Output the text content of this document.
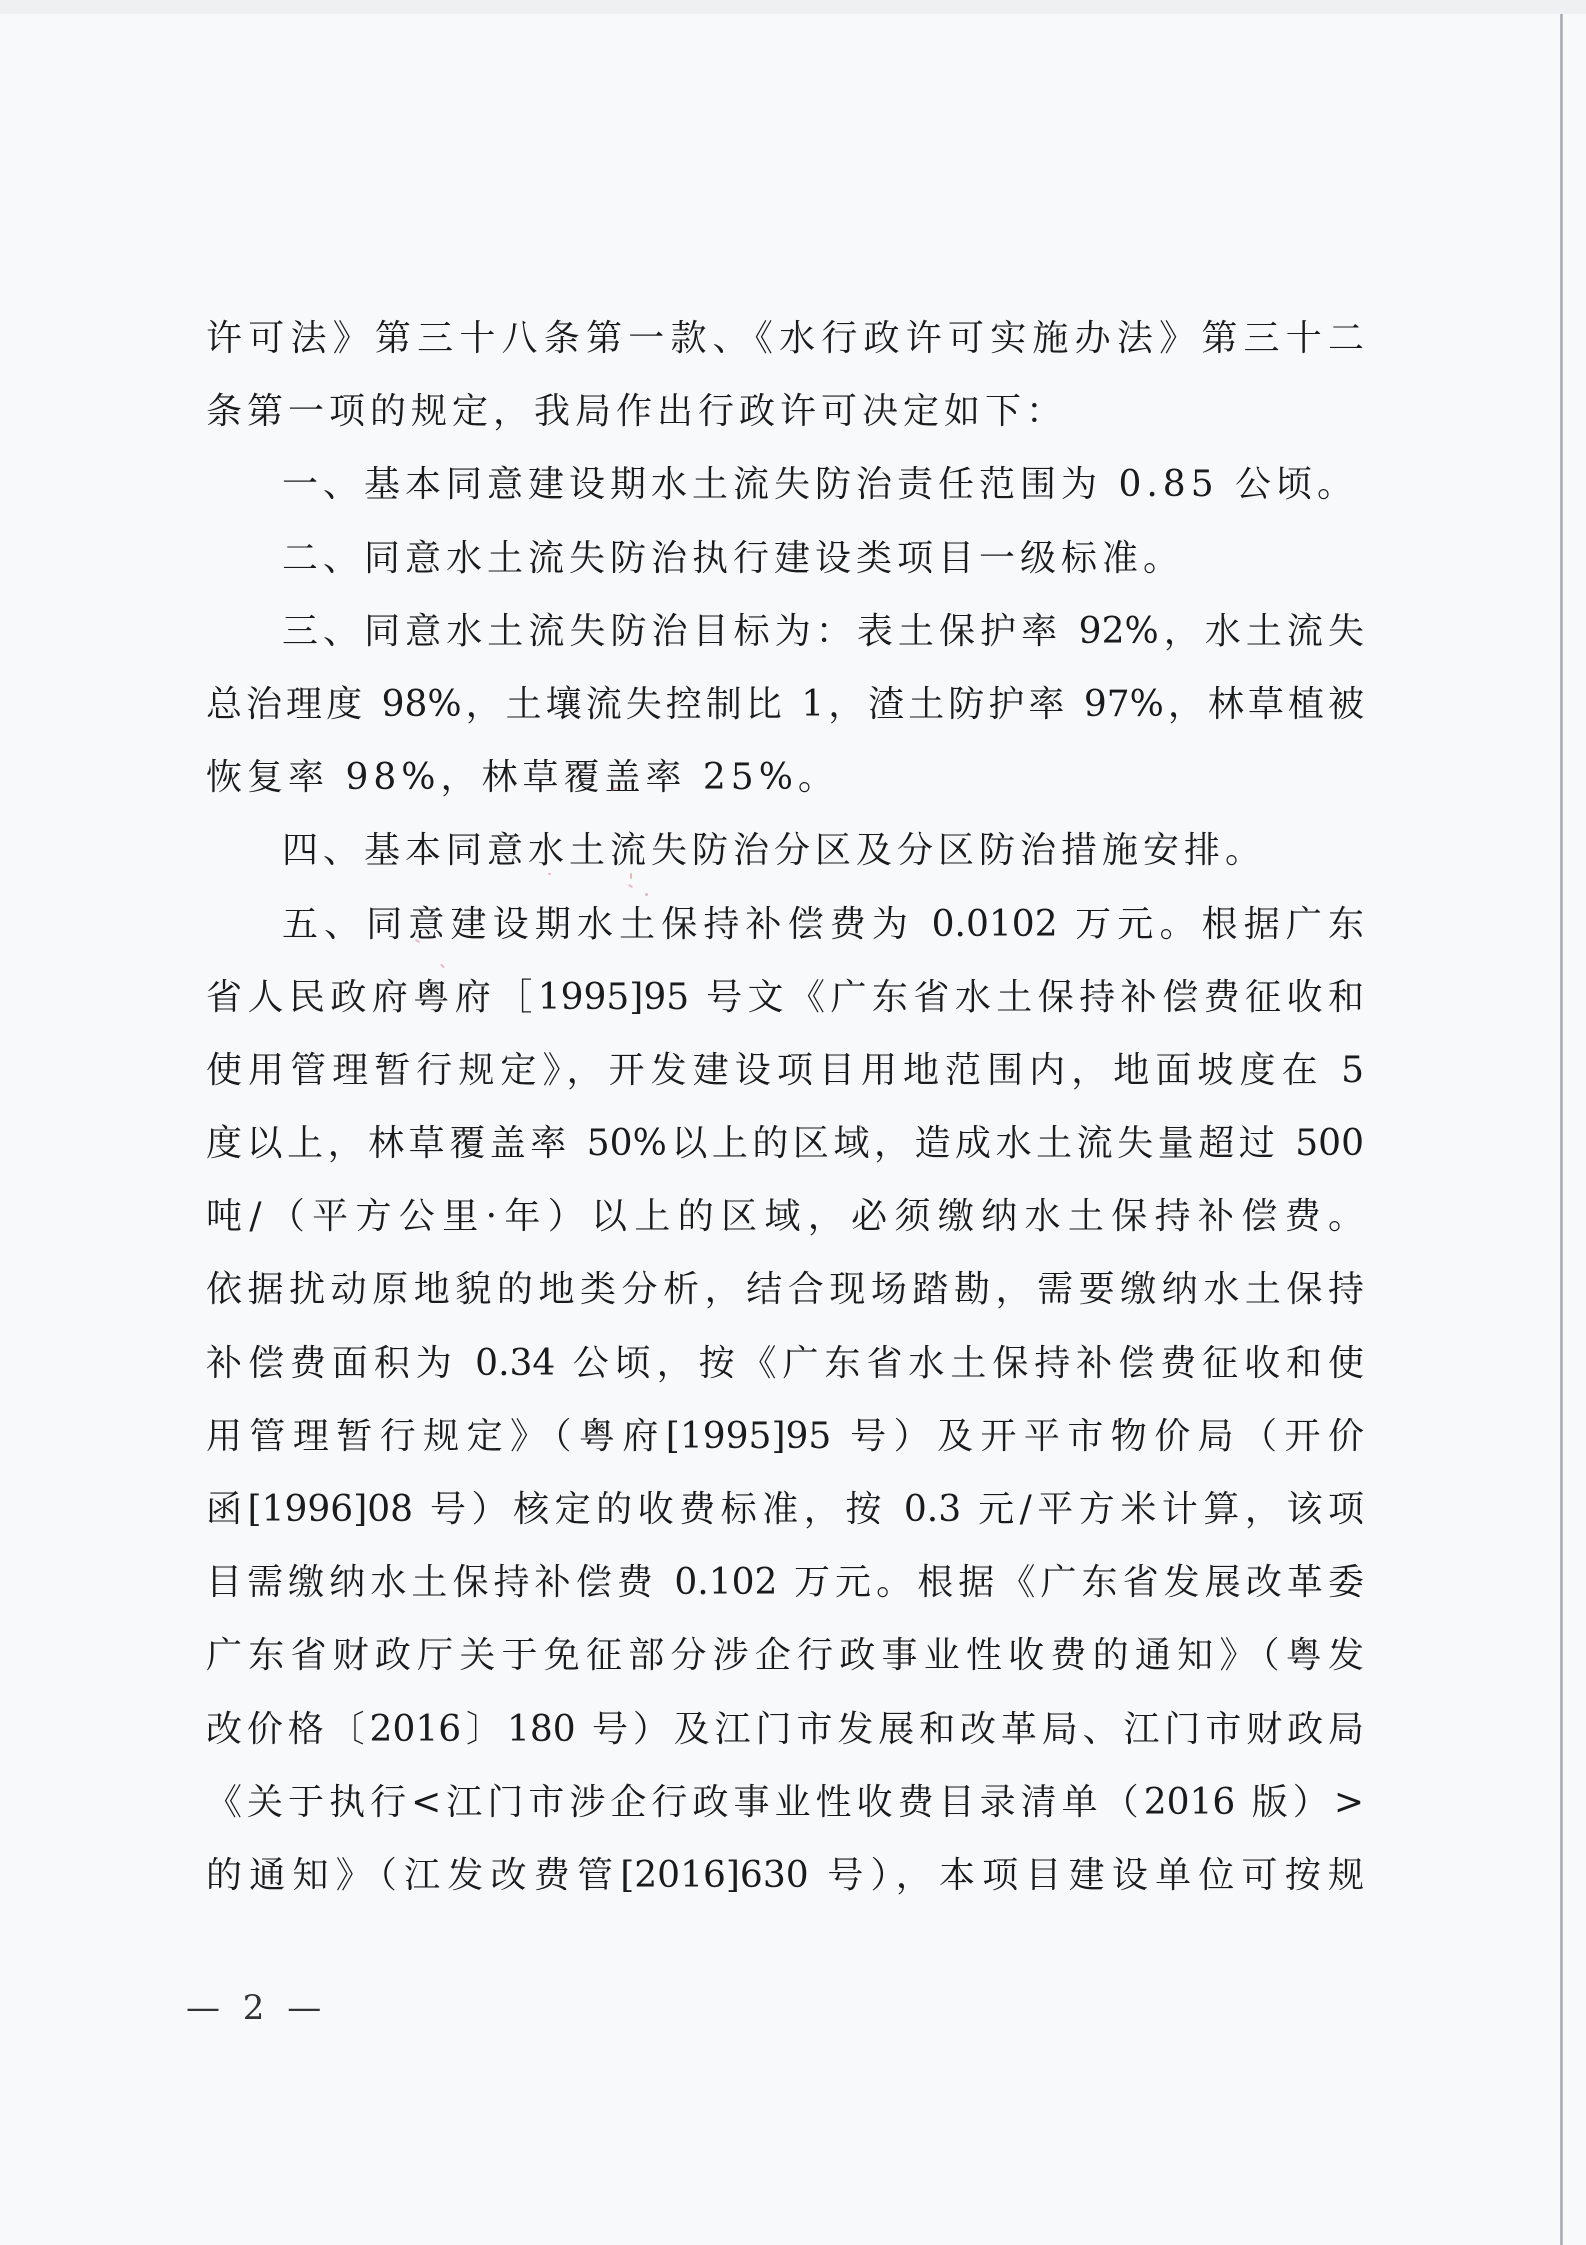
许可法》第三十八条第一款、《水行政许可实施办法》第三十二
条第一项的规定，我局作出行政许可决定如下：
一、基本同意建设期水土流失防治责任范围为 0.85 公顷。
二、同意水土流失防治执行建设类项目一级标准。
三、同意水土流失防治目标为：表土保护率 92%，水土流失
总治理度 98%，土壤流失控制比 1，渣土防护率 97%，林草植被
恢复率 98%，林草覆盖率 25%。
四、基本同意水土流失防治分区及分区防治措施安排。
五、同意建设期水土保持补偿费为 0.0102 万元。根据广东
省人民政府粤府［1995]95 号文《广东省水土保持补偿费征收和
使用管理暂行规定》，开发建设项目用地范围内，地面坡度在 5
度以上，林草覆盖率 50%以上的区域，造成水土流失量超过 500
吨/（平方公里·年）以上的区域，必须缴纳水土保持补偿费。
依据扰动原地貌的地类分析，结合现场踏勘，需要缴纳水土保持
补偿费面积为 0.34 公顷，按《广东省水土保持补偿费征收和使
用管理暂行规定》（粤府[1995]95 号）及开平市物价局（开价
函[1996]08 号）核定的收费标准，按 0.3 元/平方米计算，该项
目需缴纳水土保持补偿费 0.102 万元。根据《广东省发展改革委
广东省财政厅关于免征部分涉企行政事业性收费的通知》（粤发
改价格〔2016〕180 号）及江门市发展和改革局、江门市财政局
《关于执行<江门市涉企行政事业性收费目录清单（2016 版）>
的通知》（江发改费管[2016]630 号），本项目建设单位可按规
— 2 —
